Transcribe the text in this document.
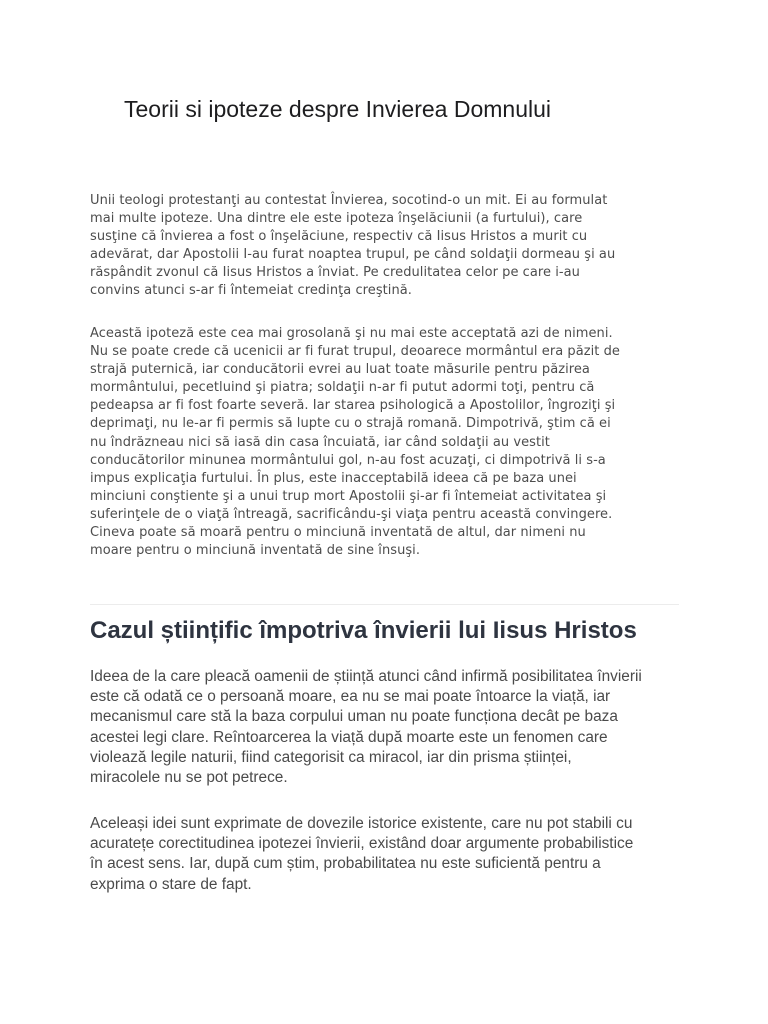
Teorii si ipoteze despre Invierea Domnului

Unii teologi protestanţi au contestat Învierea, socotind-o un mit. Ei au formulat
mai multe ipoteze. Una dintre ele este ipoteza înşelăciunii (a furtului), care
susţine că învierea a fost o înşelăciune, respectiv că Iisus Hristos a murit cu
adevărat, dar Apostolii I-au furat noaptea trupul, pe când soldaţii dormeau şi au
răspândit zvonul că Iisus Hristos a înviat. Pe credulitatea celor pe care i-au
convins atunci s-ar fi întemeiat credinţa creştină.

Această ipoteză este cea mai grosolană şi nu mai este acceptată azi de nimeni.
Nu se poate crede că ucenicii ar fi furat trupul, deoarece mormântul era păzit de
strajă puternică, iar conducătorii evrei au luat toate măsurile pentru păzirea
mormântului, pecetluind şi piatra; soldaţii n-ar fi putut adormi toţi, pentru că
pedeapsa ar fi fost foarte severă. Iar starea psihologică a Apostolilor, îngroziţi şi
deprimaţi, nu le-ar fi permis să lupte cu o strajă romană. Dimpotrivă, ştim că ei
nu îndrăzneau nici să iasă din casa încuiată, iar când soldaţii au vestit
conducătorilor minunea mormântului gol, n-au fost acuzaţi, ci dimpotrivă li s-a
impus explicaţia furtului. În plus, este inacceptabilă ideea că pe baza unei
minciuni conştiente şi a unui trup mort Apostolii şi-ar fi întemeiat activitatea şi
suferinţele de o viaţă întreagă, sacrificându-şi viaţa pentru această convingere.
Cineva poate să moară pentru o minciună inventată de altul, dar nimeni nu
moare pentru o minciună inventată de sine însuşi.

Cazul științific împotriva învierii lui Iisus Hristos

Ideea de la care pleacă oamenii de știință atunci când infirmă posibilitatea învierii
este că odată ce o persoană moare, ea nu se mai poate întoarce la viață, iar
mecanismul care stă la baza corpului uman nu poate funcționa decât pe baza
acestei legi clare. Reîntoarcerea la viață după moarte este un fenomen care
violează legile naturii, fiind categorisit ca miracol, iar din prisma științei,
miracolele nu se pot petrece.

Aceleași idei sunt exprimate de dovezile istorice existente, care nu pot stabili cu
acuratețe corectitudinea ipotezei învierii, existând doar argumente probabilistice
în acest sens. Iar, după cum știm, probabilitatea nu este suficientă pentru a
exprima o stare de fapt.
